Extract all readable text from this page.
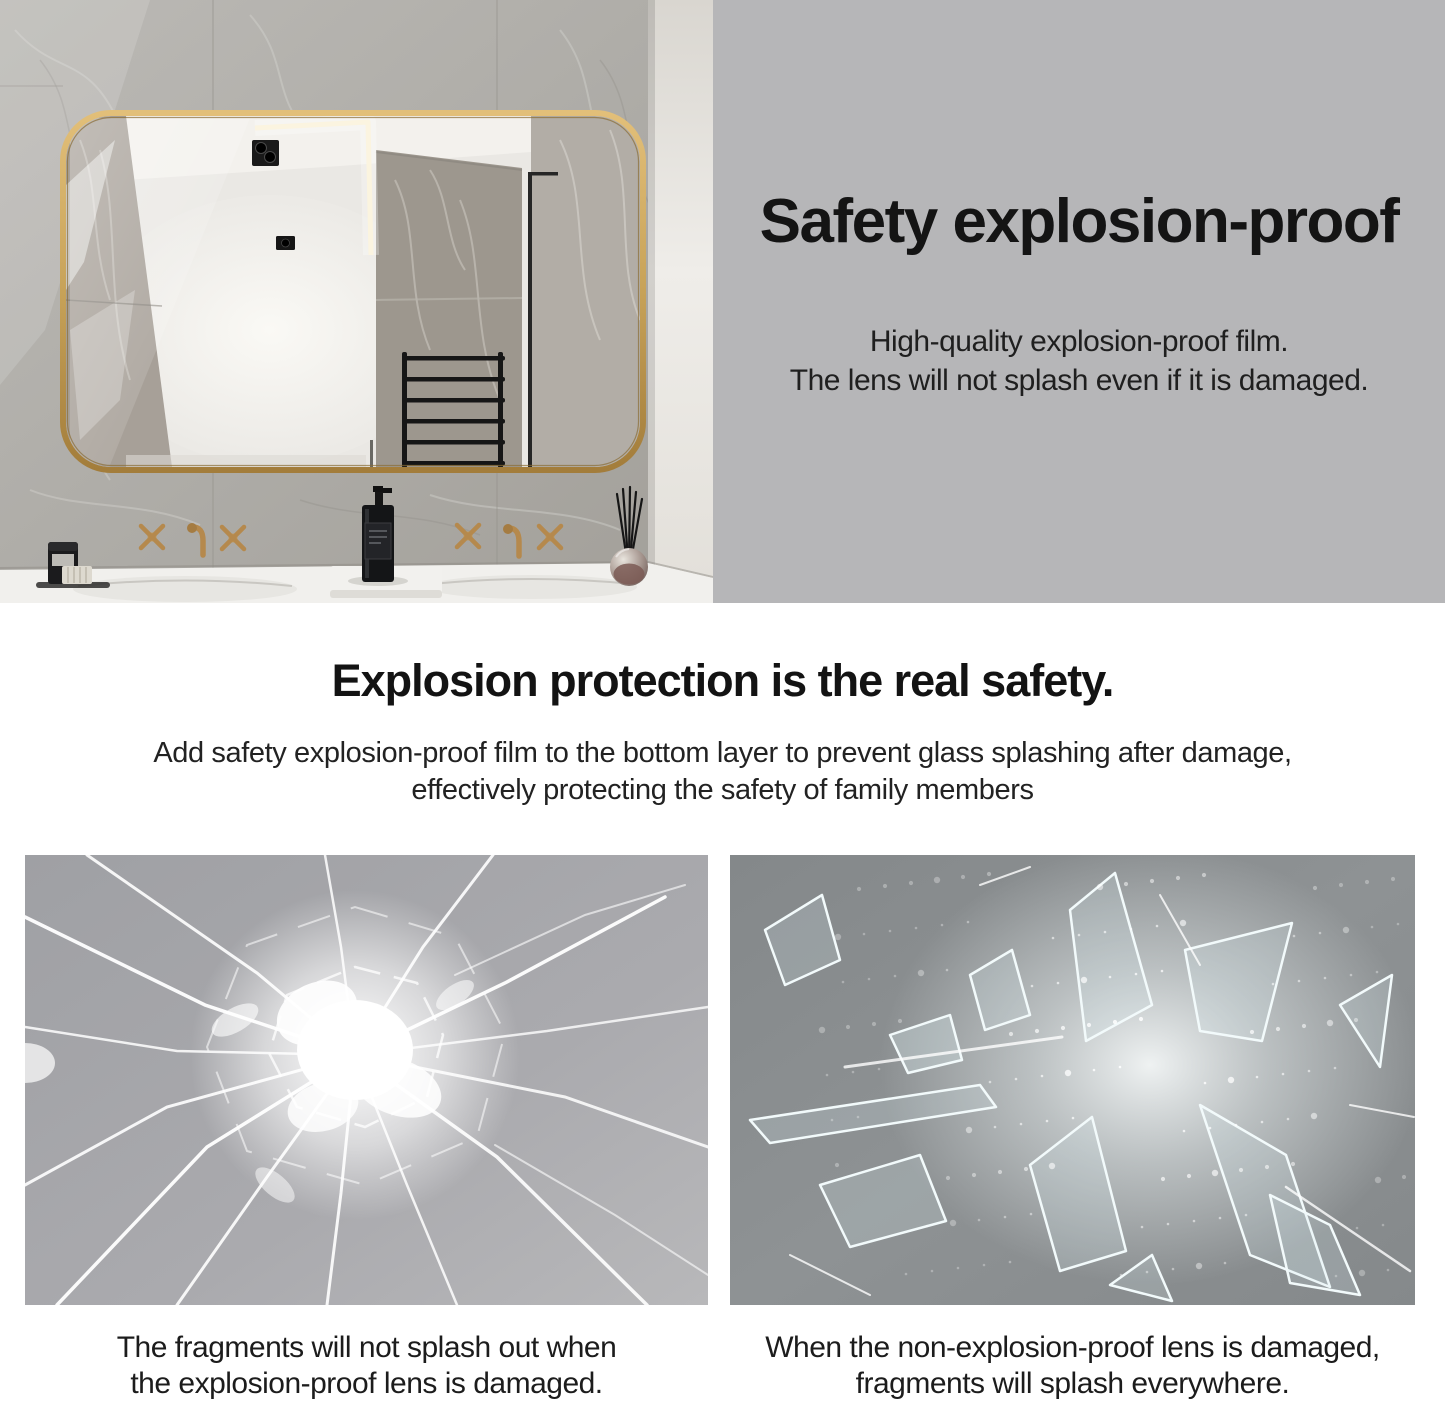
Safety explosion-proof
High-quality explosion-proof film.
The lens will not splash even if it is damaged.
Explosion protection is the real safety.
Add safety explosion-proof film to the bottom layer to prevent glass splashing after damage,
effectively protecting the safety of family members
The fragments will not splash out when
the explosion-proof lens is damaged.
When the non-explosion-proof lens is damaged,
fragments will splash everywhere.
